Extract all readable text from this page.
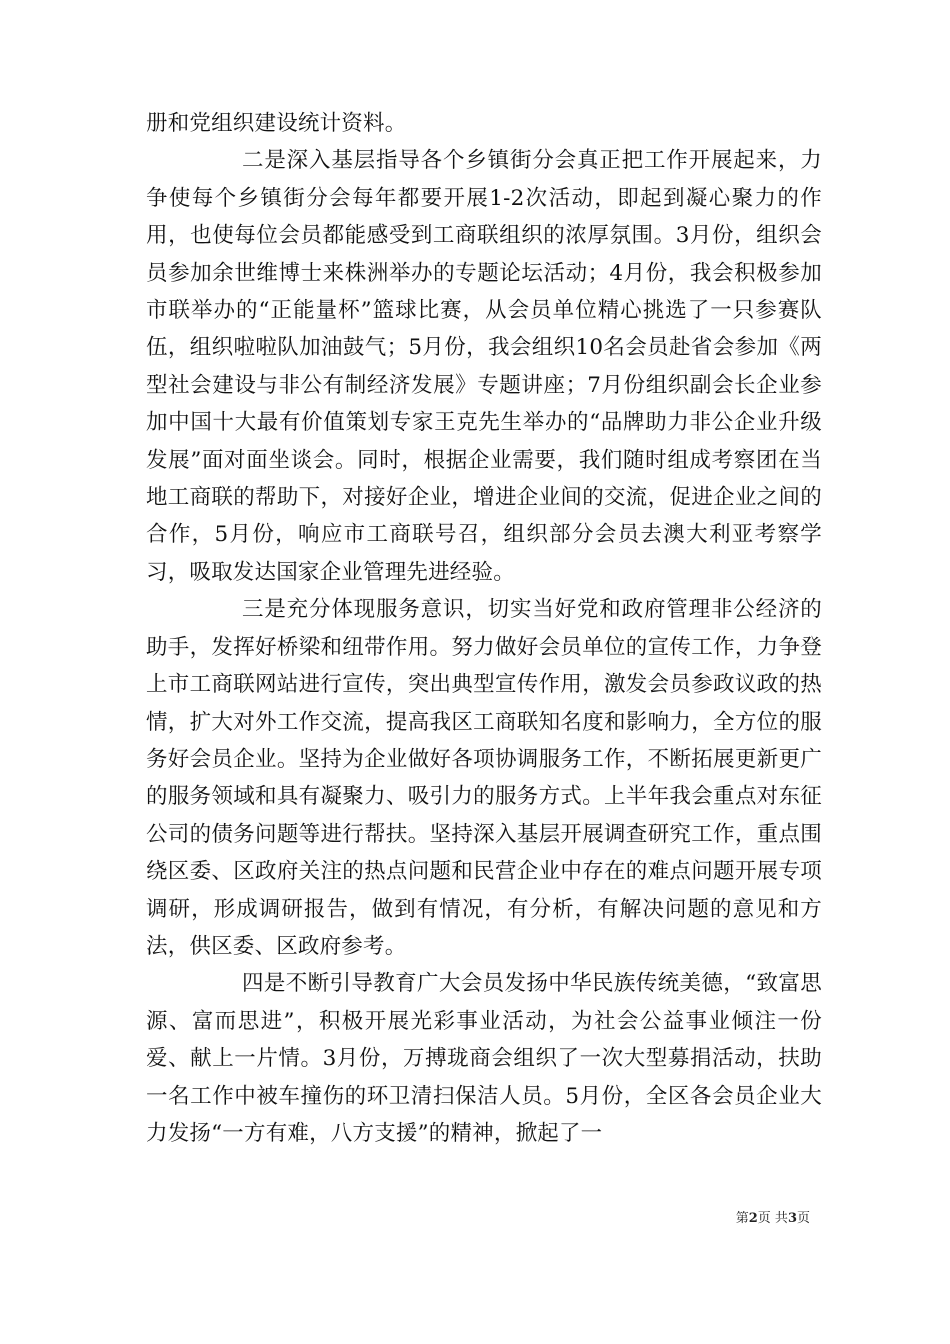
册和党组织建设统计资料。

二是深入基层指导各个乡镇街分会真正把工作开展起来，力争使每个乡镇街分会每年都要开展1-2次活动，即起到凝心聚力的作用，也使每位会员都能感受到工商联组织的浓厚氛围。3月份，组织会员参加余世维博士来株洲举办的专题论坛活动；4月份，我会积极参加市联举办的“正能量杯”篮球比赛，从会员单位精心挑选了一只参赛队伍，组织啦啦队加油鼓气；5月份，我会组织10名会员赴省会参加《两型社会建设与非公有制经济发展》专题讲座；7月份组织副会长企业参加中国十大最有价值策划专家王克先生举办的“品牌助力非公企业升级发展”面对面坐谈会。同时，根据企业需要，我们随时组成考察团在当地工商联的帮助下，对接好企业，增进企业间的交流，促进企业之间的合作，5月份，响应市工商联号召，组织部分会员去澳大利亚考察学习，吸取发达国家企业管理先进经验。

三是充分体现服务意识，切实当好党和政府管理非公经济的助手，发挥好桥梁和纽带作用。努力做好会员单位的宣传工作，力争登上市工商联网站进行宣传，突出典型宣传作用，激发会员参政议政的热情，扩大对外工作交流，提高我区工商联知名度和影响力，全方位的服务好会员企业。坚持为企业做好各项协调服务工作，不断拓展更新更广的服务领域和具有凝聚力、吸引力的服务方式。上半年我会重点对东征公司的债务问题等进行帮扶。坚持深入基层开展调查研究工作，重点围绕区委、区政府关注的热点问题和民营企业中存在的难点问题开展专项调研，形成调研报告，做到有情况，有分析，有解决问题的意见和方法，供区委、区政府参考。

四是不断引导教育广大会员发扬中华民族传统美德，“致富思源、富而思进”，积极开展光彩事业活动，为社会公益事业倾注一份爱、献上一片情。3月份，万搏珑商会组织了一次大型募捐活动，扶助一名工作中被车撞伤的环卫清扫保洁人员。5月份，全区各会员企业大力发扬“一方有难，八方支援”的精神，掀起了一

第2页 共3页
